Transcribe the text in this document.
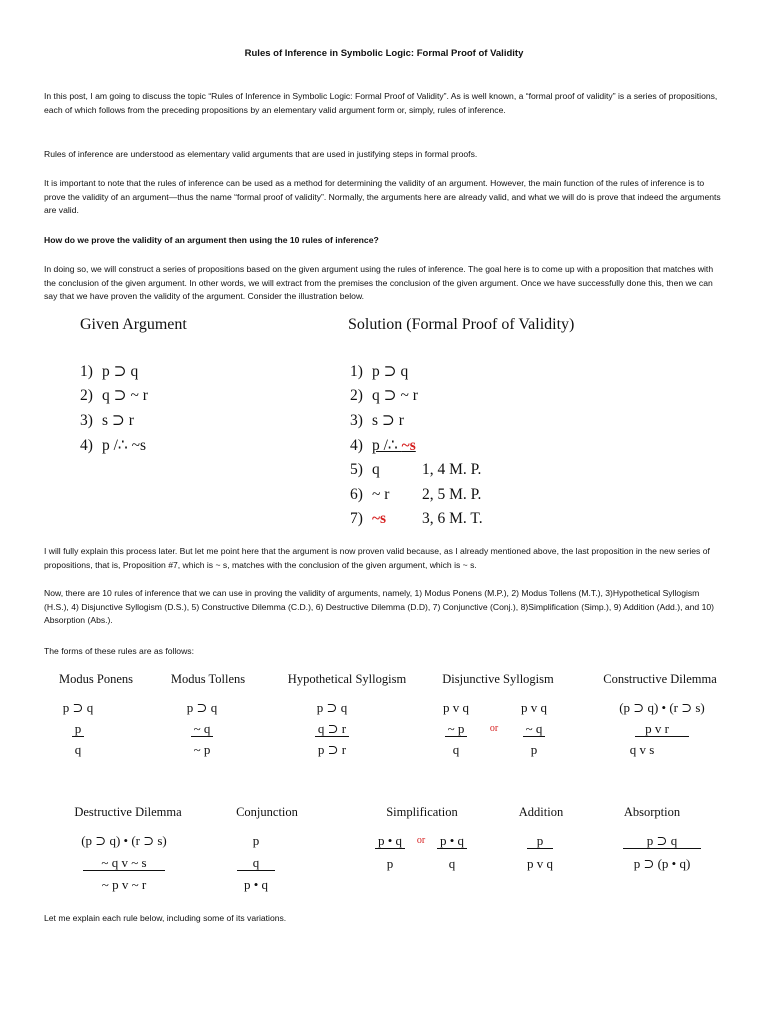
Rules of Inference in Symbolic Logic: Formal Proof of Validity
In this post, I am going to discuss the topic “Rules of Inference in Symbolic Logic: Formal Proof of Validity”. As is well known, a “formal proof of validity” is a series of propositions, each of which follows from the preceding propositions by an elementary valid argument form or, simply, rules of inference.
Rules of inference are understood as elementary valid arguments that are used in justifying steps in formal proofs.
It is important to note that the rules of inference can be used as a method for determining the validity of an argument. However, the main function of the rules of inference is to prove the validity of an argument—thus the name “formal proof of validity”. Normally, the arguments here are already valid, and what we will do is prove that indeed the arguments are valid.
How do we prove the validity of an argument then using the 10 rules of inference?
In doing so, we will construct a series of propositions based on the given argument using the rules of inference. The goal here is to come up with a proposition that matches with the conclusion of the given argument. In other words, we will extract from the premises the conclusion of the given argument. Once we have successfully done this, then we can say that we have proven the validity of the argument. Consider the illustration below.
Given Argument
1) p ⊃ q
2) q ⊃ ~ r
3) s ⊃ r
4) p /∴ ~s
Solution (Formal Proof of Validity)
1) p ⊃ q
2) q ⊃ ~ r
3) s ⊃ r
4) p /∴ ~s
5) q	1, 4 M. P.
6) ~ r 2, 5 M. P.
7) ~s 3, 6 M. T.
I will fully explain this process later. But let me point here that the argument is now proven valid because, as I already mentioned above, the last proposition in the new series of propositions, that is, Proposition #7, which is ~ s, matches with the conclusion of the given argument, which is ~ s.
Now, there are 10 rules of inference that we can use in proving the validity of arguments, namely, 1) Modus Ponens (M.P.), 2) Modus Tollens (M.T.), 3)Hypothetical Syllogism (H.S.), 4) Disjunctive Syllogism (D.S.), 5) Constructive Dilemma (C.D.), 6) Destructive Dilemma (D.D), 7) Conjunctive (Conj.), 8)Simplification (Simp.), 9) Addition (Add.), and 10) Absorption (Abs.).
The forms of these rules are as follows:
Modus Ponens
p ⊃ q
p
q
Modus Tollens
p ⊃ q
~ q
~ p
Hypothetical Syllogism
p ⊃ q
q ⊃ r
p ⊃ r
Disjunctive Syllogism
p v q
~ p
q
or
p v q
~ q
p
Constructive Dilemma
(p ⊃ q) • (r ⊃ s)
p v r
q v s
Destructive Dilemma
(p ⊃ q) • (r ⊃ s)
~ q v ~ s
~ p v ~ r
Conjunction
p
q
p • q
Simplification
p • q	or	p • q
p	q
Addition
p
p v q
Absorption
p ⊃ q
p ⊃ (p • q)
Let me explain each rule below, including some of its variations.
